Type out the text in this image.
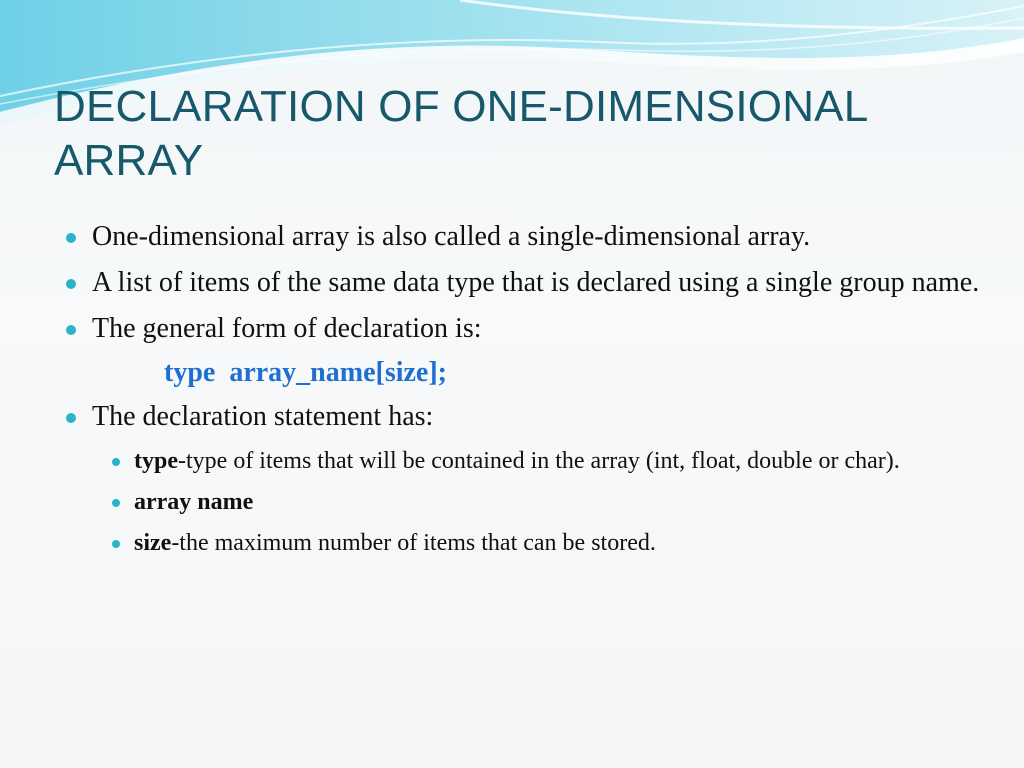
DECLARATION OF ONE-DIMENSIONAL
ARRAY
One-dimensional array is also called a single-dimensional array.
A list of items of the same data type that is declared using a single group name.
The general form of declaration is:
type  array_name[size];
The declaration statement has:
type-type of items that will be contained in the array (int, float, double or char).
array name
size-the maximum number of items that can be stored.
